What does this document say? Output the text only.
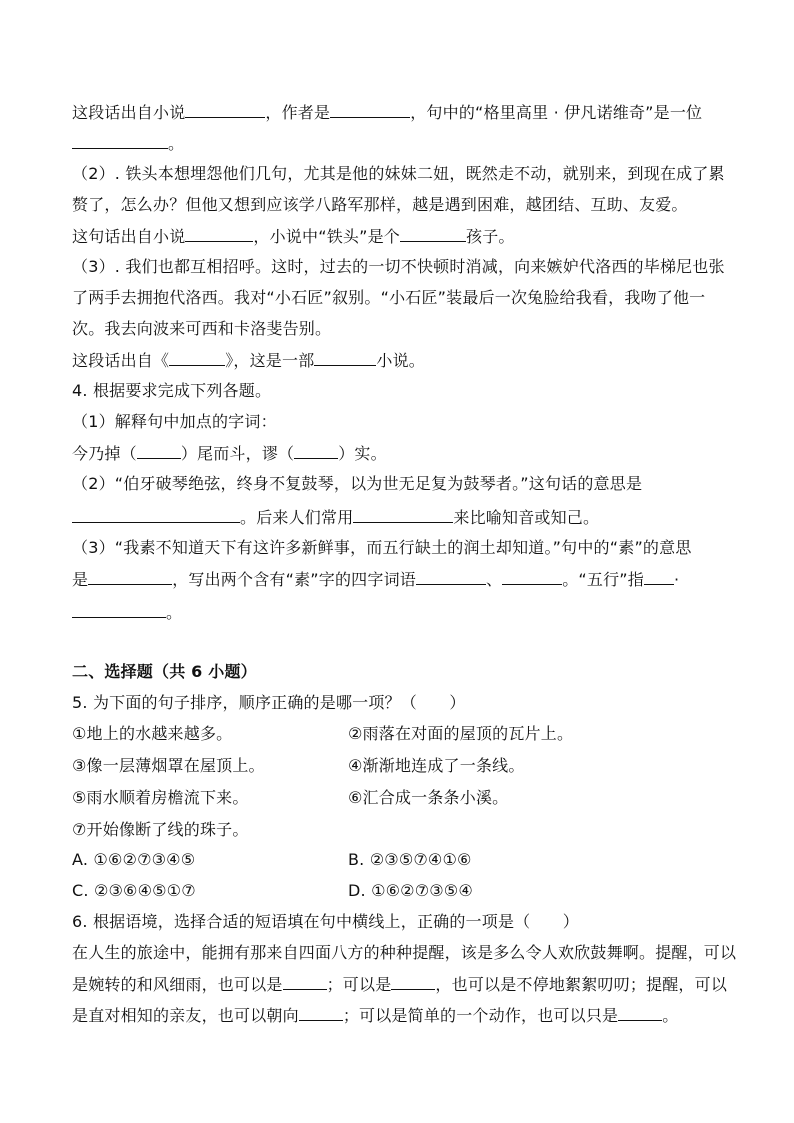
这段话出自小说	，作者是	，句中的“格里高里 · 伊凡诺维奇”是一位
。
（2）. 铁头本想埋怨他们几句，尤其是他的妹妹二妞，既然走不动，就别来，到现在成了累
赘了，怎么办？但他又想到应该学八路军那样，越是遇到困难，越团结、互助、友爱。
这句话出自小说	，小说中“铁头”是个	孩子。
（3）. 我们也都互相招呼。这时，过去的一切不快顿时消减，向来嫉妒代洛西的毕梯尼也张
了两手去拥抱代洛西。我对“小石匠”叙别。“小石匠”装最后一次兔脸给我看，我吻了他一
次。我去向波来可西和卡洛斐告别。
这段话出自《	》，这是一部	小说。
4. 根据要求完成下列各题。
（1）解释句中加点的字词：
今乃掉（	）尾而斗，谬（	）实。
（2）“伯牙破琴绝弦，终身不复鼓琴，以为世无足复为鼓琴者。”这句话的意思是
。后来人们常用	来比喻知音或知己。
（3）“我素不知道天下有这许多新鲜事，而五行缺土的润土却知道。”句中的“素”的意思
是	，写出两个含有“素”字的四字词语	、	。“五行”指 ·
。
二、选择题（共 6 小题）
5. 为下面的句子排序，顺序正确的是哪一项？（　　）
①地上的水越来越多。	②雨落在对面的屋顶的瓦片上。
③像一层薄烟罩在屋顶上。	④渐渐地连成了一条线。
⑤雨水顺着房檐流下来。	⑥汇合成一条条小溪。
⑦开始像断了线的珠子。
A. ①⑥②⑦③④⑤	B. ②③⑤⑦④①⑥
C. ②③⑥④⑤①⑦	D. ①⑥②⑦③⑤④
6. 根据语境，选择合适的短语填在句中横线上，正确的一项是（　　）
在人生的旅途中，能拥有那来自四面八方的种种提醒，该是多么令人欢欣鼓舞啊。提醒，可以
是婉转的和风细雨，也可以是	；可以是	，也可以是不停地絮絮叨叨；提醒，可以
是直对相知的亲友，也可以朝向	；可以是简单的一个动作，也可以只是	。
